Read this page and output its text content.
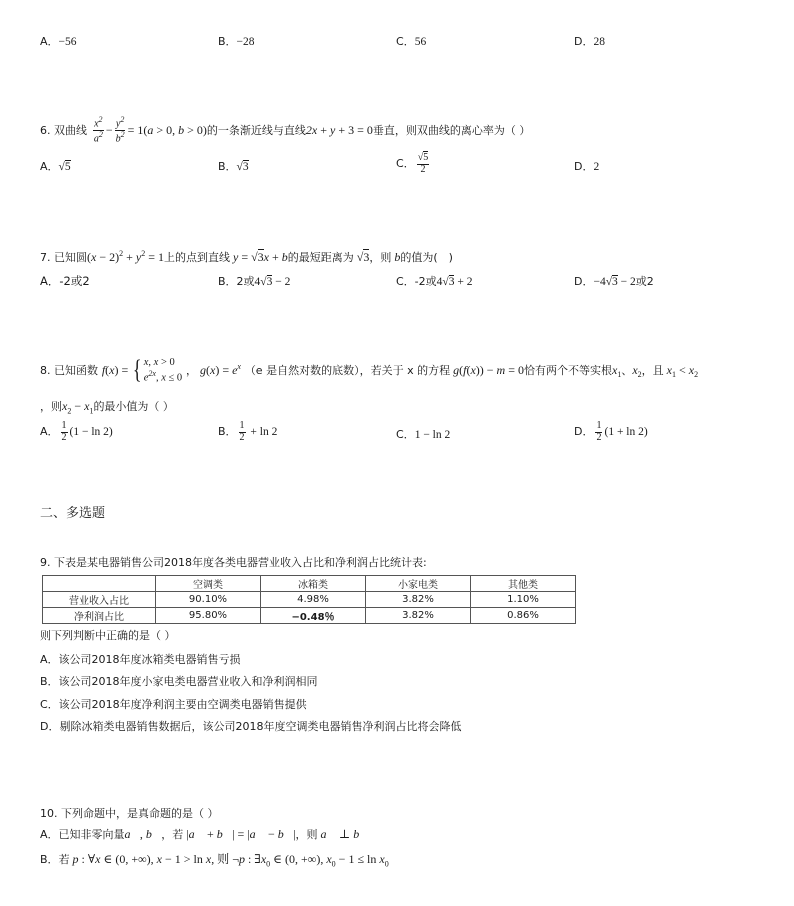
A．−56	B．−28	C．56	D．28
6. 双曲线 $\frac{x^2}{a^2} - \frac{y^2}{b^2} = 1(a > 0$, b > 0)的一条渐近线与直线2x + y + 3 = 0垂直，则双曲线的离心率为（ ）
A．√5	B．√3	C． $\frac{√5}{2}$	D．2
7. 已知圆$(x - 2)^2 + y^2 = 1$上的点到直线 y = √3x + b的最短距离为 √3，则 b的值为(　)
A．-2或2	B．2或4√3 − 2	C．-2或4√3 + 2	D．−4√3 − 2或2
8. 已知函数 f(x) = { x, x > 0
$e^{2x}$, x ≤ 0
， $g(x) = e^x$ （e 是自然对数的底数），若关于 x 的方程 g(f(x)) − m = 0恰有两个不等实根$x_1$、$x_2$，且 $x_1 < x_2$
，则$x_2 - x_1$的最小值为（ ）
A． $\frac{1}{2} (1 - \ln 2)$	B． $\frac{1}{2} + \ln 2$	C．1 − ln 2	D． $\frac{1}{2} (1 + \ln 2)$
二、多选题
9. 下表是某电器销售公司2018年度各类电器营业收入占比和净利润占比统计表:
	空调类	冰箱类	小家电类	其他类
营业收入占比	90.10%	4.98%	3.82%	1.10%
净利润占比	95.80%	−0.48％	3.82%	0.86%
则下列判断中正确的是（ ）
A．该公司2018年度冰箱类电器销售亏损
B．该公司2018年度小家电类电器营业收入和净利润相同
C．该公司2018年度净利润主要由空调类电器销售提供
D．剔除冰箱类电器销售数据后，该公司2018年度空调类电器销售净利润占比将会降低
10. 下列命题中，是真命题的是（ ）
A．已知非零向量a⃗, b⃗，若 |a⃗ + b⃗| = |a⃗ − b⃗|，则 a⃗ ⊥ b⃗
B．若 p : ∀x ∈ (0, +∞), x − 1 > ln x, 则 ¬p : $\exists x_0$ ∈ (0, +∞), $x_0 - 1 \le \ln x_0$
